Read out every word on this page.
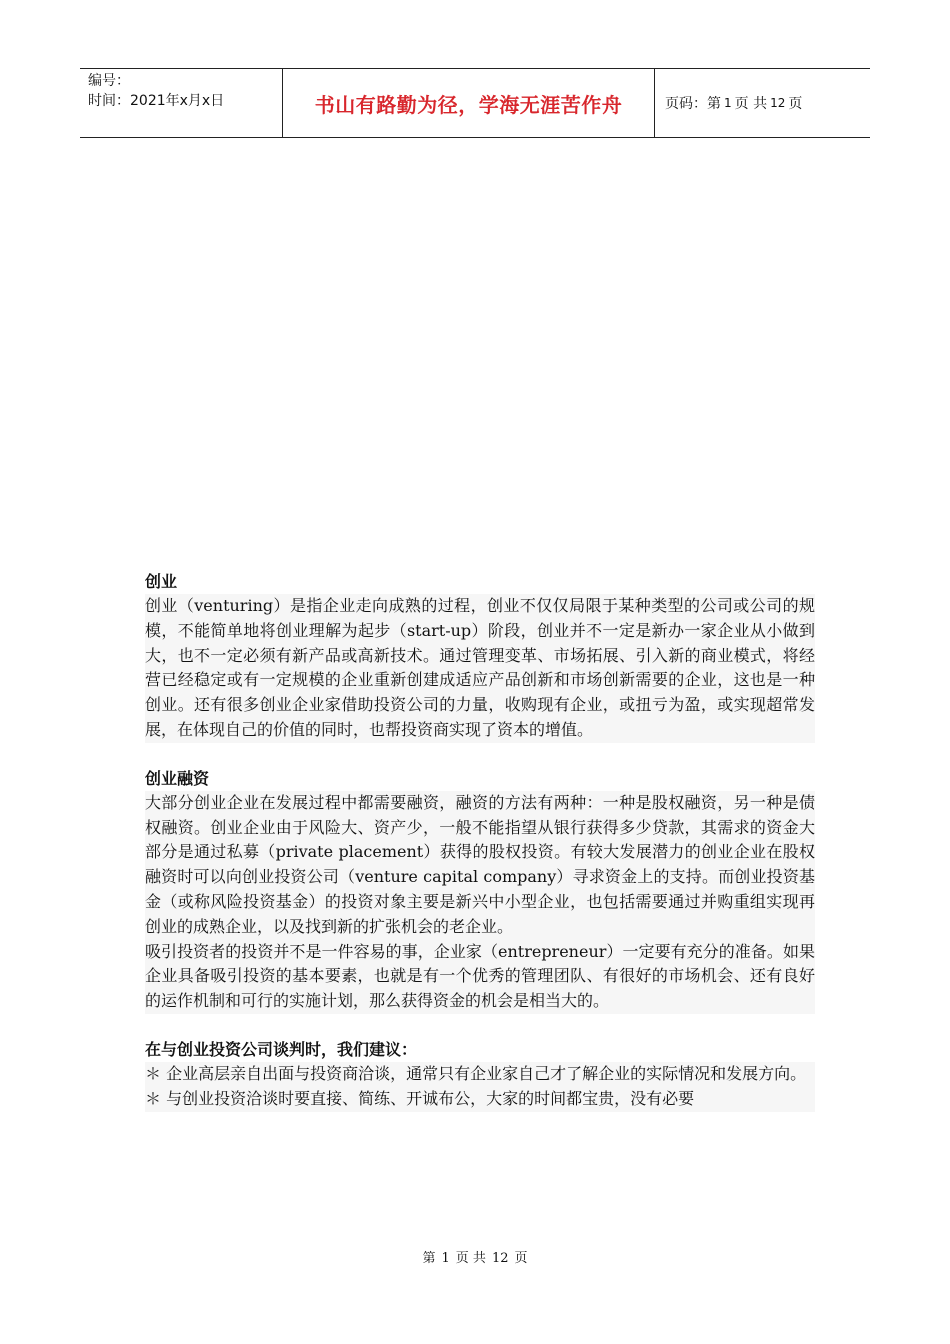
编号：
时间：2021年x月x日	书山有路勤为径，学海无涯苦作舟	页码：第 1 页 共 12 页

创业

创业（venturing）是指企业走向成熟的过程，创业不仅仅局限于某种类型的公司或公司的规模，不能简单地将创业理解为起步（start-up）阶段，创业并不一定是新办一家企业从小做到大，也不一定必须有新产品或高新技术。通过管理变革、市场拓展、引入新的商业模式，将经营已经稳定或有一定规模的企业重新创建成适应产品创新和市场创新需要的企业，这也是一种创业。还有很多创业企业家借助投资公司的力量，收购现有企业，或扭亏为盈，或实现超常发展，在体现自己的价值的同时，也帮投资商实现了资本的增值。

创业融资

大部分创业企业在发展过程中都需要融资，融资的方法有两种：一种是股权融资，另一种是债权融资。创业企业由于风险大、资产少，一般不能指望从银行获得多少贷款，其需求的资金大部分是通过私募（private placement）获得的股权投资。有较大发展潜力的创业企业在股权融资时可以向创业投资公司（venture capital company）寻求资金上的支持。而创业投资基金（或称风险投资基金）的投资对象主要是新兴中小型企业，也包括需要通过并购重组实现再创业的成熟企业，以及找到新的扩张机会的老企业。

吸引投资者的投资并不是一件容易的事，企业家（entrepreneur）一定要有充分的准备。如果企业具备吸引投资的基本要素，也就是有一个优秀的管理团队、有很好的市场机会、还有良好的运作机制和可行的实施计划，那么获得资金的机会是相当大的。

在与创业投资公司谈判时，我们建议：

＊ 企业高层亲自出面与投资商洽谈，通常只有企业家自己才了解企业的实际情况和发展方向。

＊ 与创业投资洽谈时要直接、简练、开诚布公，大家的时间都宝贵，没有必要

第 1 页 共 12 页
